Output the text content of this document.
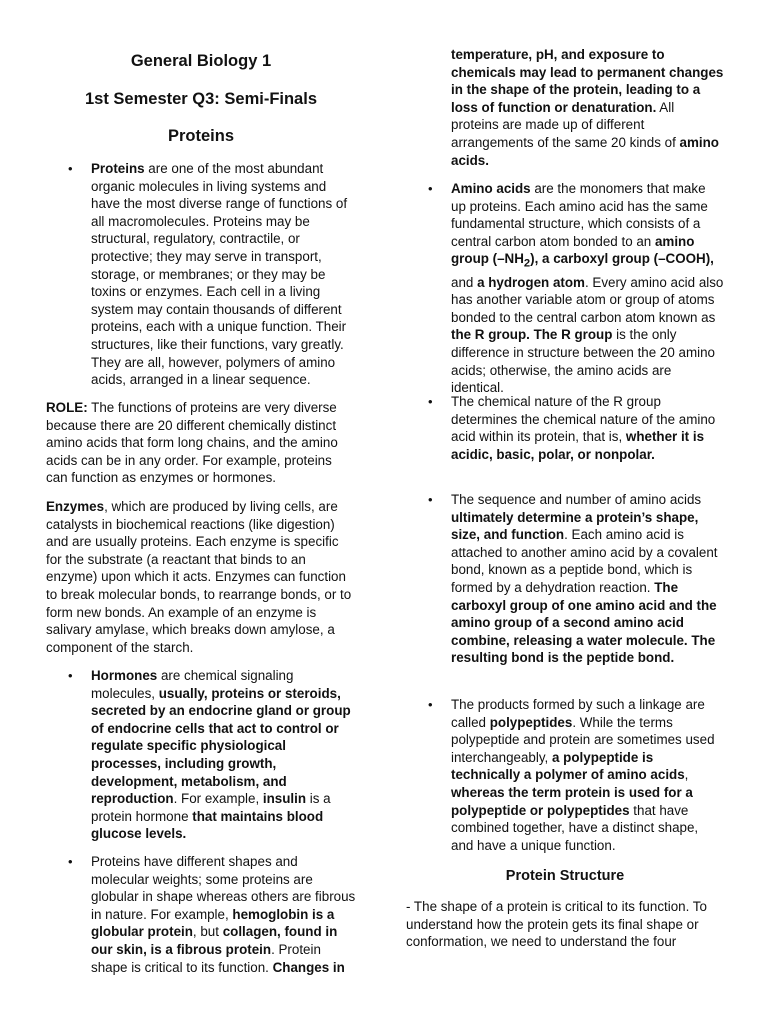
General Biology 1
1st Semester Q3: Semi-Finals
Proteins

• Proteins are one of the most abundant organic molecules in living systems and have the most diverse range of functions of all macromolecules. Proteins may be structural, regulatory, contractile, or protective; they may serve in transport, storage, or membranes; or they may be toxins or enzymes. Each cell in a living system may contain thousands of different proteins, each with a unique function. Their structures, like their functions, vary greatly. They are all, however, polymers of amino acids, arranged in a linear sequence.

ROLE: The functions of proteins are very diverse because there are 20 different chemically distinct amino acids that form long chains, and the amino acids can be in any order. For example, proteins can function as enzymes or hormones.

Enzymes, which are produced by living cells, are catalysts in biochemical reactions (like digestion) and are usually proteins. Each enzyme is specific for the substrate (a reactant that binds to an enzyme) upon which it acts. Enzymes can function to break molecular bonds, to rearrange bonds, or to form new bonds. An example of an enzyme is salivary amylase, which breaks down amylose, a component of the starch.

• Hormones are chemical signaling molecules, usually, proteins or steroids, secreted by an endocrine gland or group of endocrine cells that act to control or regulate specific physiological processes, including growth, development, metabolism, and reproduction. For example, insulin is a protein hormone that maintains blood glucose levels.

• Proteins have different shapes and molecular weights; some proteins are globular in shape whereas others are fibrous in nature. For example, hemoglobin is a globular protein, but collagen, found in our skin, is a fibrous protein. Protein shape is critical to its function. Changes in

temperature, pH, and exposure to chemicals may lead to permanent changes in the shape of the protein, leading to a loss of function or denaturation. All proteins are made up of different arrangements of the same 20 kinds of amino acids.

• Amino acids are the monomers that make up proteins. Each amino acid has the same fundamental structure, which consists of a central carbon atom bonded to an amino group $(-NH_2)$, a carboxyl group (–COOH), and a hydrogen atom. Every amino acid also has another variable atom or group of atoms bonded to the central carbon atom known as the R group. The R group is the only difference in structure between the 20 amino acids; otherwise, the amino acids are identical.

• The chemical nature of the R group determines the chemical nature of the amino acid within its protein, that is, whether it is acidic, basic, polar, or nonpolar.

• The sequence and number of amino acids ultimately determine a protein’s shape, size, and function. Each amino acid is attached to another amino acid by a covalent bond, known as a peptide bond, which is formed by a dehydration reaction. The carboxyl group of one amino acid and the amino group of a second amino acid combine, releasing a water molecule. The resulting bond is the peptide bond.

• The products formed by such a linkage are called polypeptides. While the terms polypeptide and protein are sometimes used interchangeably, a polypeptide is technically a polymer of amino acids, whereas the term protein is used for a polypeptide or polypeptides that have combined together, have a distinct shape, and have a unique function.

Protein Structure

- The shape of a protein is critical to its function. To understand how the protein gets its final shape or conformation, we need to understand the four
